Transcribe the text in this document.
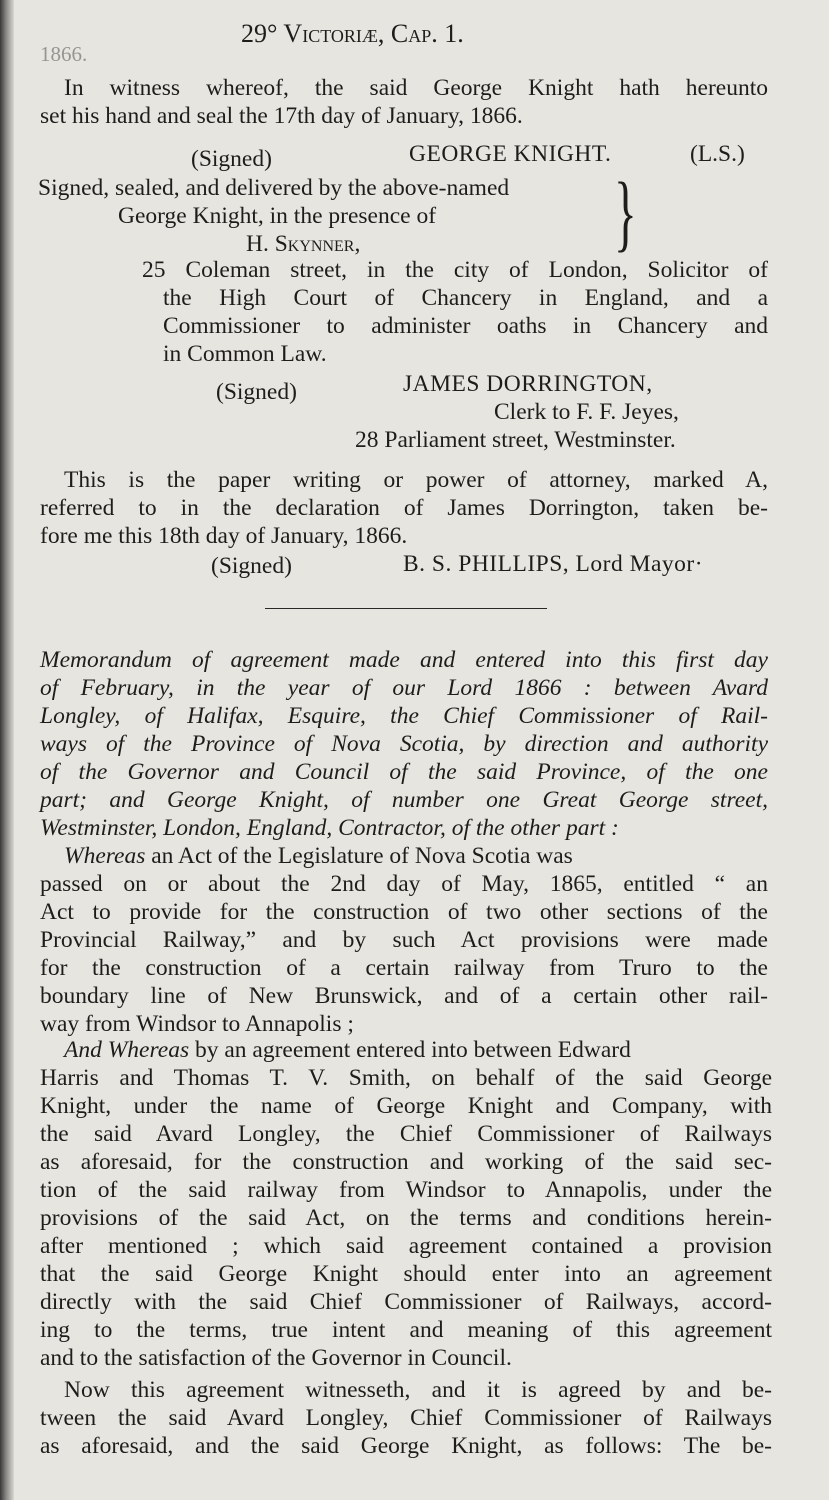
1866.
29° Victoriæ, Cap. 1.
In witness whereof, the said George Knight hath hereunto
set his hand and seal the 17th day of January, 1866.
(Signed)	GEORGE KNIGHT.	(L.S.)
Signed, sealed, and delivered by the above-named
George Knight, in the presence of
H. Skynner,	}
25 Coleman street, in the city of London, Solicitor of
the High Court of Chancery in England, and a
Commissioner to administer oaths in Chancery and
in Common Law.
(Signed)	JAMES DORRINGTON,
Clerk to F. F. Jeyes,
28 Parliament street, Westminster.
This is the paper writing or power of attorney, marked A,
referred to in the declaration of James Dorrington, taken be-
fore me this 18th day of January, 1866.
(Signed)	B. S. PHILLIPS, Lord Mayor·
Memorandum of agreement made and entered into this first day
of February, in the year of our Lord 1866 : between Avard
Longley, of Halifax, Esquire, the Chief Commissioner of Rail-
ways of the Province of Nova Scotia, by direction and authority
of the Governor and Council of the said Province, of the one
part; and George Knight, of number one Great George street,
Westminster, London, England, Contractor, of the other part :
Whereas an Act of the Legislature of Nova Scotia was
passed on or about the 2nd day of May, 1865, entitled “ an
Act to provide for the construction of two other sections of the
Provincial Railway,” and by such Act provisions were made
for the construction of a certain railway from Truro to the
boundary line of New Brunswick, and of a certain other rail-
way from Windsor to Annapolis ;
And Whereas by an agreement entered into between Edward
Harris and Thomas T. V. Smith, on behalf of the said George
Knight, under the name of George Knight and Company, with
the said Avard Longley, the Chief Commissioner of Railways
as aforesaid, for the construction and working of the said sec-
tion of the said railway from Windsor to Annapolis, under the
provisions of the said Act, on the terms and conditions herein-
after mentioned ; which said agreement contained a provision
that the said George Knight should enter into an agreement
directly with the said Chief Commissioner of Railways, accord-
ing to the terms, true intent and meaning of this agreement
and to the satisfaction of the Governor in Council.
Now this agreement witnesseth, and it is agreed by and be-
tween the said Avard Longley, Chief Commissioner of Railways
as aforesaid, and the said George Knight, as follows: The be-
